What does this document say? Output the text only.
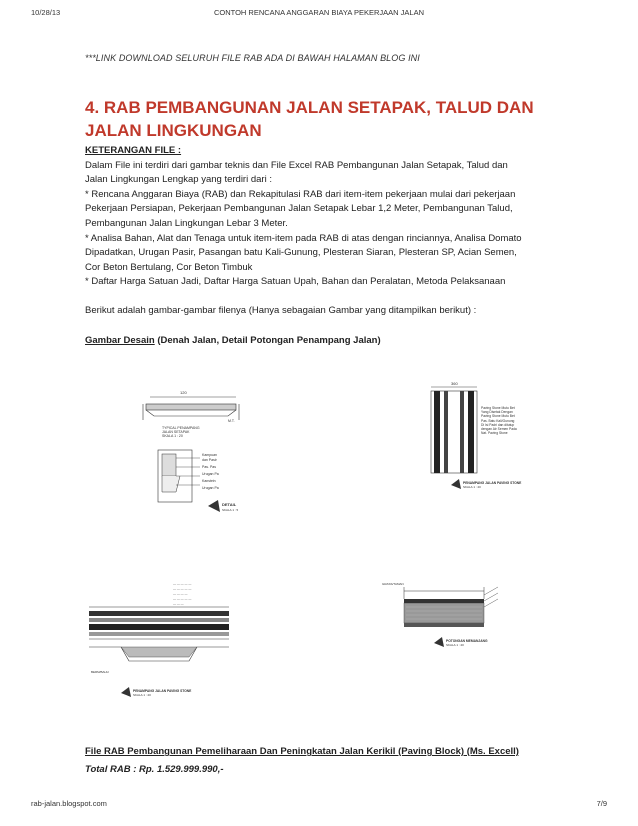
10/28/13	CONTOH RENCANA ANGGARAN BIAYA PEKERJAAN JALAN
***LINK DOWNLOAD SELURUH FILE RAB ADA DI BAWAH HALAMAN BLOG INI
4. RAB PEMBANGUNAN JALAN SETAPAK, TALUD DAN
JALAN LINGKUNGAN

KETERANGAN FILE :

Dalam File ini terdiri dari gambar teknis dan File Excel RAB Pembangunan Jalan Setapak, Talud dan

Jalan Lingkungan Lengkap yang terdiri dari :

* Rencana Anggaran Biaya (RAB) dan Rekapitulasi RAB dari item-item pekerjaan mulai dari pekerjaan

Pekerjaan Persiapan, Pekerjaan Pembangunan Jalan Setapak Lebar 1,2 Meter, Pembangunan Talud,

Pembangunan Jalan Lingkungan Lebar 3 Meter.

* Analisa Bahan, Alat dan Tenaga untuk item-item pada RAB di atas dengan rinciannya, Analisa Domato

Dipadatkan, Urugan Pasir, Pasangan batu Kali-Gunung, Plesteran Siaran, Plesteran SP, Acian Semen,

Cor Beton Bertulang, Cor Beton Timbuk

* Daftar Harga Satuan Jadi, Daftar Harga Satuan Upah, Bahan dan Peralatan, Metoda Pelaksanaan

Berikut adalah gambar-gambar filenya (Hanya sebagaian Gambar yang ditampilkan berikut) :

Gambar Desain (Denah Jalan, Detail Potongan Penampang Jalan)
120
M.T.
TYPICAL PENAMPANG
JALAN SETAPAK
SKALA 1 : 20
Kampuan
dan Pasir
Pas. Pas
Urugan Pa
Kanstein
Urugan Pa
DETAIL
SKALA 1 : 5
360
Paving Stone Mutu Bet
Yang Disetak Dengan
Paving Stone Mutu Bet
Pas. Batu Kali/Gunung
Di Isi Padri dan ditutup
dengan Air Semen Pada
Nat. Paving Stone
PENAMPANG JALAN PAVING STONE
SKALA 1 : 20
— — — — —
— — — — —
— — — —
— — — — —
— — —
BERM/BAHU
PENAMPANG JALAN PAVING STONE
SKALA 1 : 20
GRASS/TAMAN
POTONGAN MEMANJANG
SKALA 1 : 20
File RAB Pembangunan Pemeliharaan Dan Peningkatan Jalan Kerikil (Paving Block) (Ms. Excell)
Total RAB : Rp. 1.529.999.990,-
rab-jalan.blogspot.com	7/9
